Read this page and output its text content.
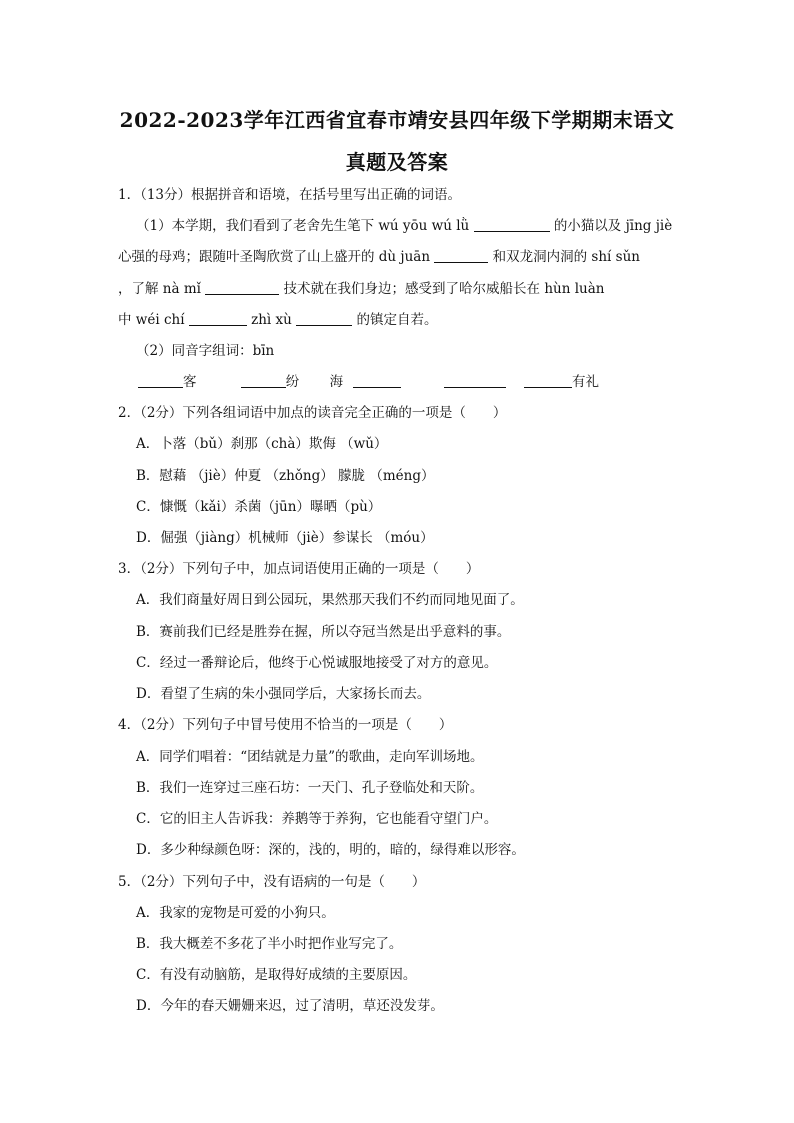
2022-2023学年江西省宜春市靖安县四年级下学期期末语文
真题及答案
1．（13分）根据拼音和语境，在括号里写出正确的词语。
（1）本学期，我们看到了老舍先生笔下 wú yōu wú lǜ	的小猫以及 jīng jiè
心强的母鸡；跟随叶圣陶欣赏了山上盛开的 dù juān	和双龙洞内洞的 shí sǔn
，了解 nà mǐ	技术就在我们身边；感受到了哈尔威船长在 hùn luàn
中 wéi chí	zhì xù	的镇定自若。
（2）同音字组词：bīn
客	纷 海	有礼
2．（2分）下列各组词语中加点的读音完全正确的一项是（　　）
A．卜落（bǔ）刹那（chà）欺侮 （wǔ）
B．慰藉 （jiè）仲夏 （zhǒng） 朦胧 （méng）
C．慷慨（kǎi）杀菌（jūn）曝晒（pù）
D．倔强（jiàng）机械师（jiè）参谋长 （móu）
3．（2分）下列句子中，加点词语使用正确的一项是（　　）
A．我们商量好周日到公园玩，果然那天我们不约而同地见面了。
B．赛前我们已经是胜券在握，所以夺冠当然是出乎意料的事。
C．经过一番辩论后，他终于心悦诚服地接受了对方的意见。
D．看望了生病的朱小强同学后，大家扬长而去。
4．（2分）下列句子中冒号使用不恰当的一项是（　　）
A．同学们唱着：“团结就是力量”的歌曲，走向军训场地。
B．我们一连穿过三座石坊：一天门、孔子登临处和天阶。
C．它的旧主人告诉我：养鹅等于养狗，它也能看守望门户。
D．多少种绿颜色呀：深的，浅的，明的，暗的，绿得难以形容。
5．（2分）下列句子中，没有语病的一句是（　　）
A．我家的宠物是可爱的小狗只。
B．我大概差不多花了半小时把作业写完了。
C．有没有动脑筋，是取得好成绩的主要原因。
D．今年的春天姗姗来迟，过了清明，草还没发芽。
